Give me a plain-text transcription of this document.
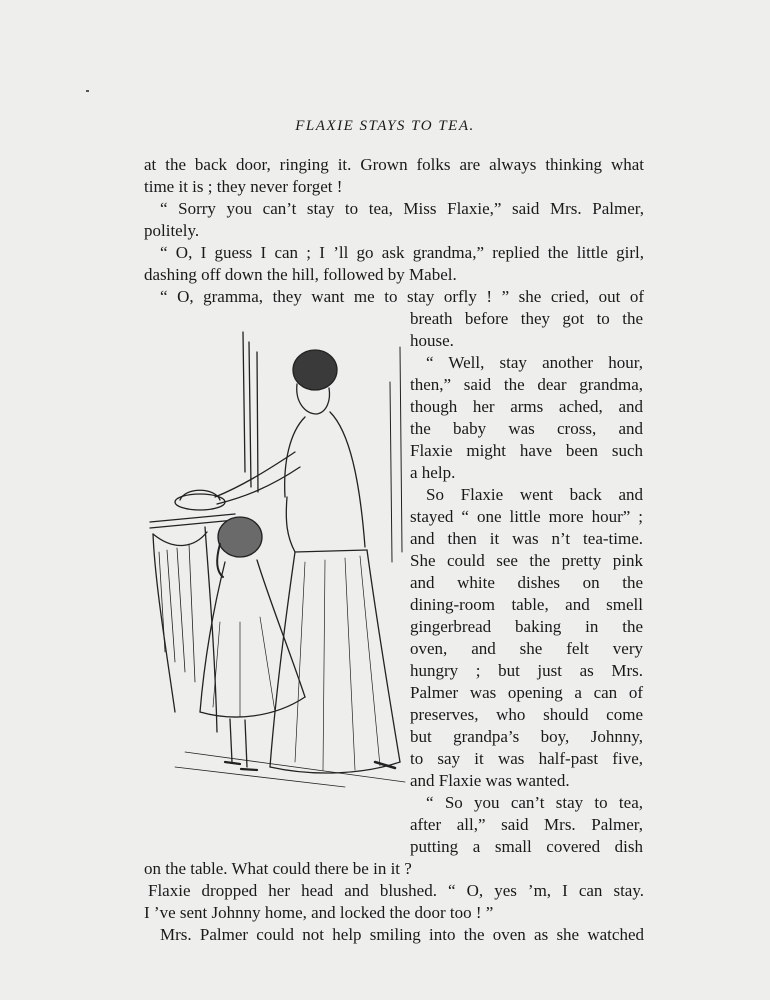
FLAXIE STAYS TO TEA.
at the back door, ringing it. Grown folks are always thinking what
time it is ; they never forget !
“ Sorry you can’t stay to tea, Miss Flaxie,” said Mrs. Palmer,
politely.
“ O, I guess I can ; I ’ll go ask grandma,” replied the little girl,
dashing off down the hill, followed by Mabel.
“ O, gramma, they want me to stay orfly ! ” she cried, out of
breath before they got to the
house.
“ Well, stay another hour,
then,” said the dear grandma,
though her arms ached, and
the baby was cross, and
Flaxie might have been such
a help.
So Flaxie went back and
stayed “ one little more hour” ;
and then it was n’t tea-time.
She could see the pretty pink
and white dishes on the
dining-room table, and smell
gingerbread baking in the
oven, and she felt very
hungry ; but just as Mrs.
Palmer was opening a can of
preserves, who should come
but grandpa’s boy, Johnny,
to say it was half-past five,
and Flaxie was wanted.
“ So you can’t stay to tea,
after all,” said Mrs. Palmer,
putting a small covered dish
on the table. What could there be in it ?
Flaxie dropped her head and blushed. “ O, yes ’m, I can stay.
I ’ve sent Johnny home, and locked the door too ! ”
Mrs. Palmer could not help smiling into the oven as she watched
